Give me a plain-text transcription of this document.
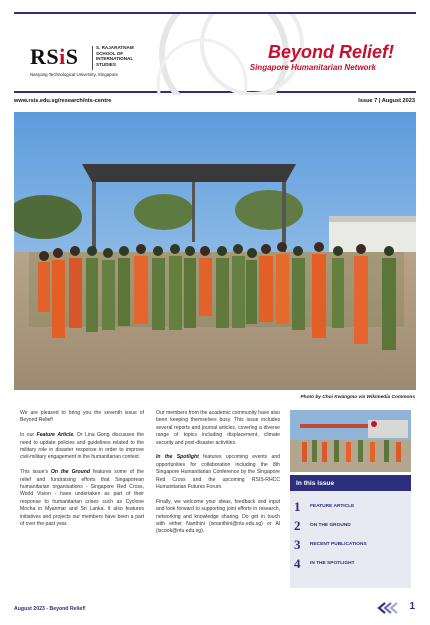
RSiS	S. RAJARATNAM
SCHOOL OF
INTERNATIONAL
STUDIES
Nanyang Technological University, Singapore
Beyond Relief!
Singapore Humanitarian Network
www.rsis.edu.sg/research/nts-centre	Issue 7 | August 2023
Photo by Choi Kwangmo via Wikimedia Commons

We are pleased to bring you the seventh issue of Beyond Relief!

In our Feature Article, Dr Lina Gong discusses the need to update policies and guidelines related to the military role in disaster response in order to improve civil-military engagement in the humanitarian context.

This issue's On the Ground features some of the relief and fundraising efforts that Singaporean humanitarian organisations - Singapore Red Cross, World Vision - have undertaken as part of their response to humanitarian crises such as Cyclone Mocha in Myanmar and Sri Lanka. It also features initiatives and projects our members have been a part of over the past year.

Our members from the academic community have also been keeping themselves busy. This issue includes several reports and journal articles, covering a diverse range of topics including displacement, climate security and post-disaster activities.

In the Spotlight features upcoming events and opportunities for collaboration including the 8th Singapore Humanitarian Conference by the Singapore Red Cross and the upcoming RSIS-RHCC Humanitarian Futures Forum.

Finally, we welcome your ideas, feedback and input and look forward to supporting joint efforts in research, networking and knowledge sharing. Do get in touch with either Nanthini (isnanthini@ntu.edu.sg) or Al (iscook@ntu.edu.sg).

In this issue
1 FEATURE ARTICLE
2 ON THE GROUND
3 RECENT PUBLICATIONS
4 IN THE SPOTLIGHT
August 2023 - Beyond Relief!	1
